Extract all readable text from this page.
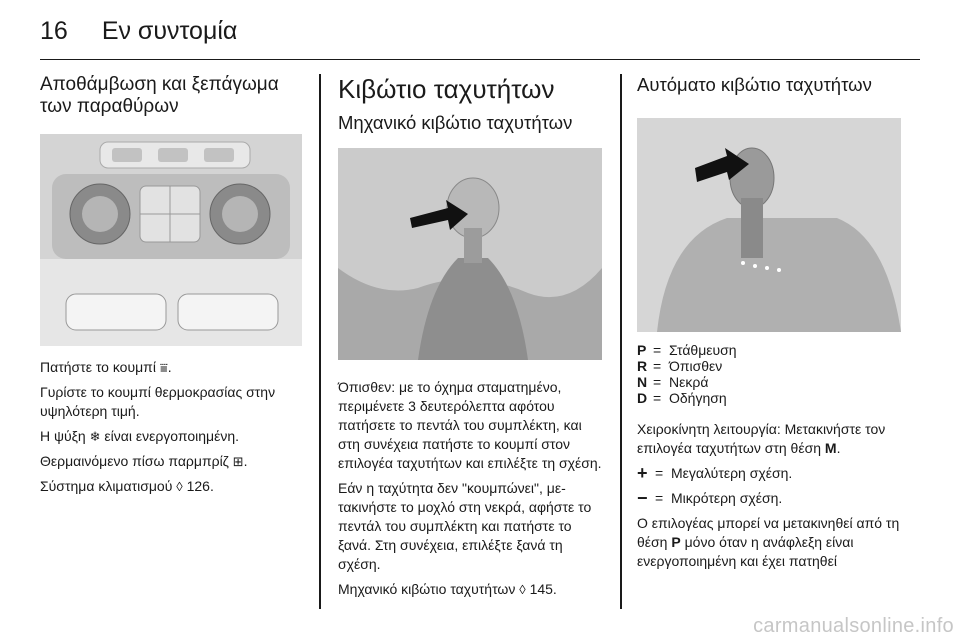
16 Εν συντομία
Αποθάμβωση και ξεπάγωμα των παραθύρων

Πατήστε το κουμπί ⩸.

Γυρίστε το κουμπί θερμοκρασίας στην υψηλότερη τιμή.

Η ψύξη ❄ είναι ενεργοποιημένη.

Θερμαινόμενο πίσω παρμπρίζ ⊞.

Σύστημα κλιματισμού ◊ 126.

Κιβώτιο ταχυτήτων
Μηχανικό κιβώτιο ταχυτήτων

Όπισθεν: με το όχημα σταματημένο, περιμένετε 3 δευτερόλεπτα αφότου πατήσετε το πεντάλ του συμπλέκτη, και στη συνέχεια πατήστε το κουμπί στον επιλογέα ταχυτήτων και επιλέξτε τη σχέση.

Εάν η ταχύτητα δεν "κουμπώνει", με- τακινήστε το μοχλό στη νεκρά, αφήστε το πεντάλ του συμπλέκτη και πατήστε το ξανά. Στη συνέχεια, επιλέξτε ξανά τη σχέση.

Μηχανικό κιβώτιο ταχυτήτων ◊ 145.

Αυτόματο κιβώτιο ταχυτήτων
P = Στάθμευση
R = Όπισθεν
N = Νεκρά
D = Οδήγηση

Χειροκίνητη λειτουργία: Μετακινήστε τον επιλογέα ταχυτήτων στη θέση M.

+ = Μεγαλύτερη σχέση.
− = Μικρότερη σχέση.

Ο επιλογέας μπορεί να μετακινηθεί από τη θέση P μόνο όταν η ανάφλεξη είναι ενεργοποιημένη και έχει πατηθεί

carmanualsonline.info
